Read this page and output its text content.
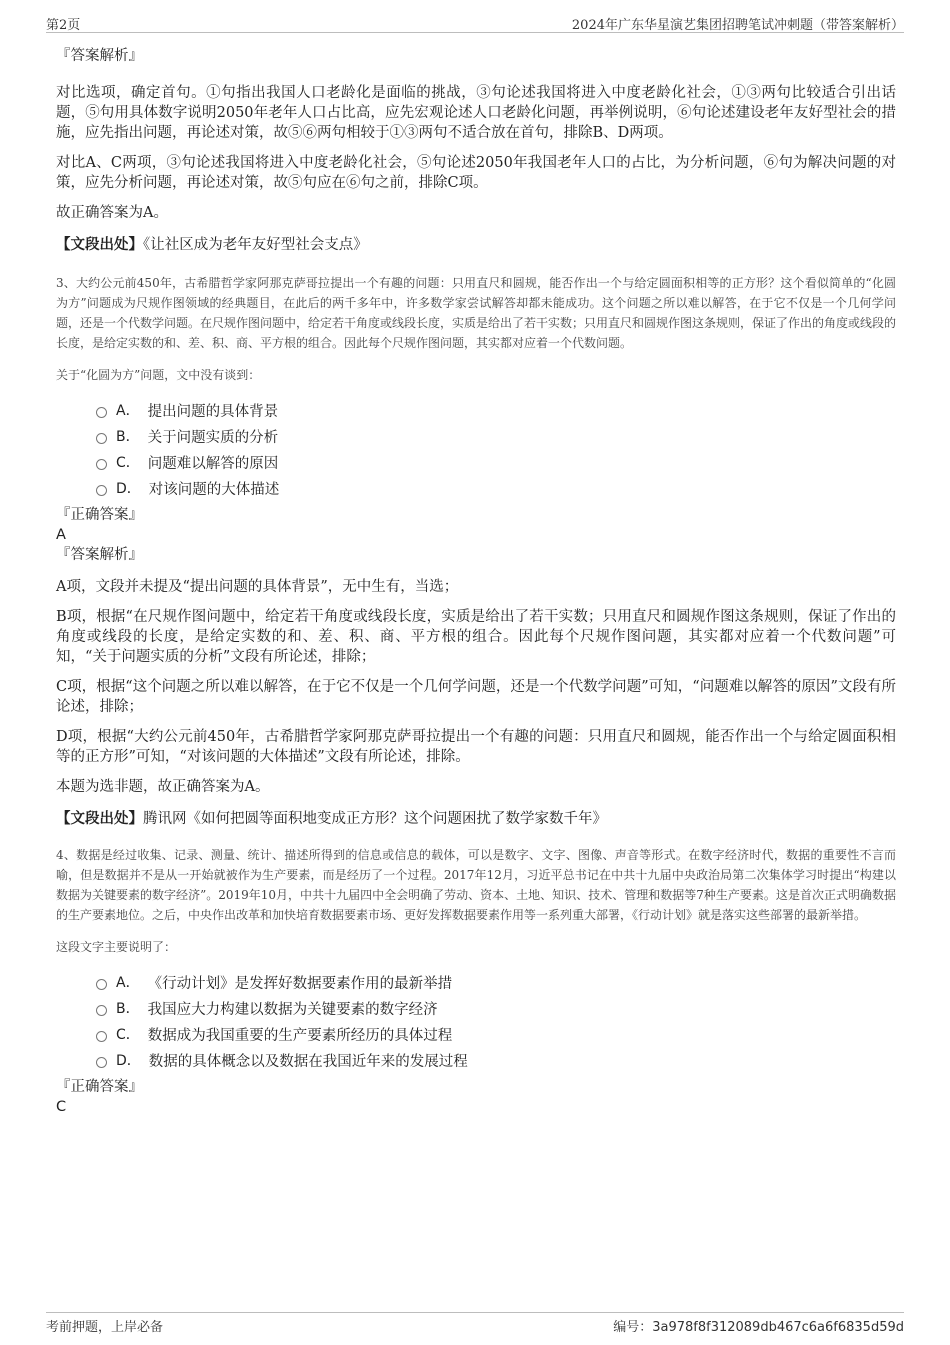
第2页	2024年广东华星演艺集团招聘笔试冲刺题（带答案解析）

『答案解析』

对比选项，确定首句。①句指出我国人口老龄化是面临的挑战，③句论述我国将进入中度老龄化社会，①③两句比较适合引出话题，⑤句用具体数字说明2050年老年人口占比高，应先宏观论述人口老龄化问题，再举例说明，⑥句论述建设老年友好型社会的措施，应先指出问题，再论述对策，故⑤⑥两句相较于①③两句不适合放在首句，排除B、D两项。

对比A、C两项，③句论述我国将进入中度老龄化社会，⑤句论述2050年我国老年人口的占比，为分析问题，⑥句为解决问题的对策，应先分析问题，再论述对策，故⑤句应在⑥句之前，排除C项。

故正确答案为A。

【文段出处】《让社区成为老年友好型社会支点》

3、大约公元前450年，古希腊哲学家阿那克萨哥拉提出一个有趣的问题：只用直尺和圆规，能否作出一个与给定圆面积相等的正方形？这个看似简单的“化圆为方”问题成为尺规作图领域的经典题目，在此后的两千多年中，许多数学家尝试解答却都未能成功。这个问题之所以难以解答，在于它不仅是一个几何学问题，还是一个代数学问题。在尺规作图问题中，给定若干角度或线段长度，实质是给出了若干实数；只用直尺和圆规作图这条规则，保证了作出的角度或线段的长度，是给定实数的和、差、积、商、平方根的组合。因此每个尺规作图问题，其实都对应着一个代数问题。

关于“化圆为方”问题，文中没有谈到：

A． 提出问题的具体背景
B． 关于问题实质的分析
C． 问题难以解答的原因
D． 对该问题的大体描述

『正确答案』

A

『答案解析』

A项，文段并未提及“提出问题的具体背景”，无中生有，当选；

B项，根据“在尺规作图问题中，给定若干角度或线段长度，实质是给出了若干实数；只用直尺和圆规作图这条规则，保证了作出的角度或线段的长度，是给定实数的和、差、积、商、平方根的组合。因此每个尺规作图问题，其实都对应着一个代数问题”可知，“关于问题实质的分析”文段有所论述，排除；

C项，根据“这个问题之所以难以解答，在于它不仅是一个几何学问题，还是一个代数学问题”可知，“问题难以解答的原因”文段有所论述，排除；

D项，根据“大约公元前450年，古希腊哲学家阿那克萨哥拉提出一个有趣的问题：只用直尺和圆规，能否作出一个与给定圆面积相等的正方形”可知，“对该问题的大体描述”文段有所论述，排除。

本题为选非题，故正确答案为A。

【文段出处】腾讯网《如何把圆等面积地变成正方形？这个问题困扰了数学家数千年》

4、数据是经过收集、记录、测量、统计、描述所得到的信息或信息的载体，可以是数字、文字、图像、声音等形式。在数字经济时代，数据的重要性不言而喻，但是数据并不是从一开始就被作为生产要素，而是经历了一个过程。2017年12月，习近平总书记在中共十九届中央政治局第二次集体学习时提出“构建以数据为关键要素的数字经济”。2019年10月，中共十九届四中全会明确了劳动、资本、土地、知识、技术、管理和数据等7种生产要素。这是首次正式明确数据的生产要素地位。之后，中央作出改革和加快培育数据要素市场、更好发挥数据要素作用等一系列重大部署，《行动计划》就是落实这些部署的最新举措。

这段文字主要说明了：

A． 《行动计划》是发挥好数据要素作用的最新举措
B． 我国应大力构建以数据为关键要素的数字经济
C． 数据成为我国重要的生产要素所经历的具体过程
D． 数据的具体概念以及数据在我国近年来的发展过程

『正确答案』

C

考前押题，上岸必备	编号：3a978f8f312089db467c6a6f6835d59d
